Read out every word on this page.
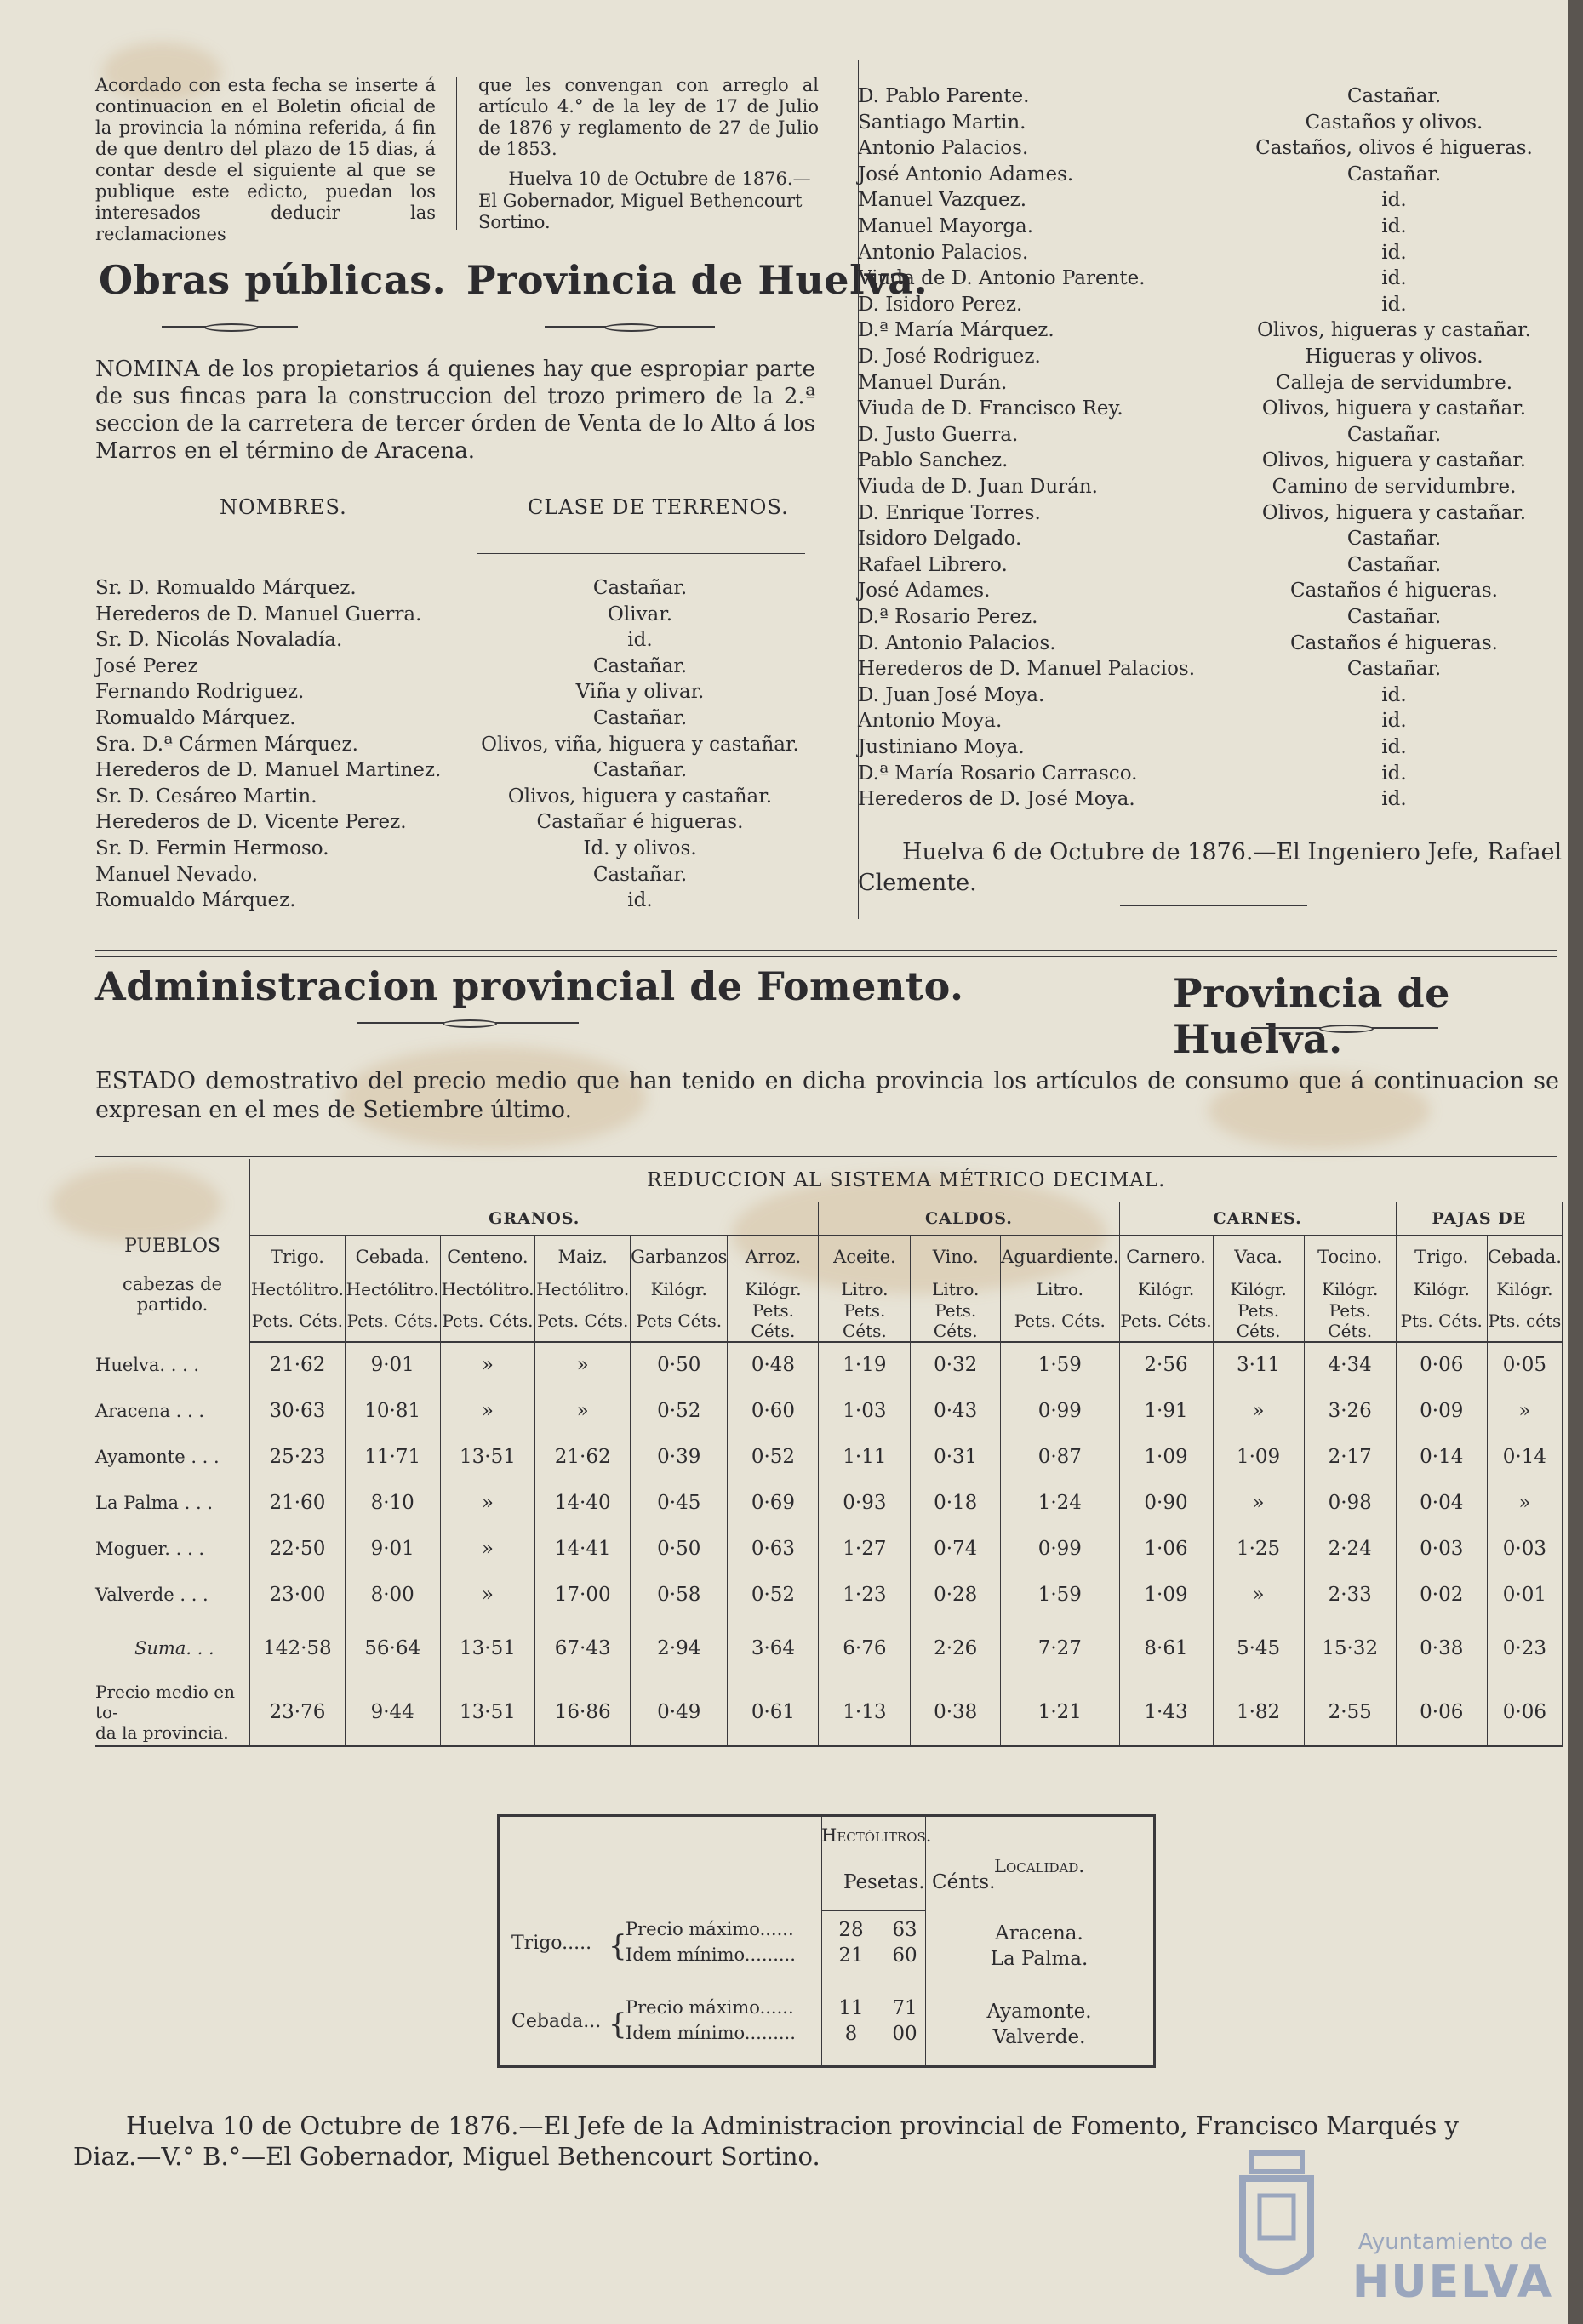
Acordado con esta fecha se inserte á continuacion en el Boletin oficial de la provincia la nómina referida, á fin de que dentro del plazo de 15 dias, á contar desde el siguiente al que se publique este edicto, puedan los interesados deducir las reclamaciones
que les convengan con arreglo al artículo 4.° de la ley de 17 de Julio de 1876 y reglamento de 27 de Julio de 1853.
Huelva 10 de Octubre de 1876.—
El Gobernador, Miguel Bethencourt Sortino.
Obras públicas. Provincia de Huelva.
NOMINA de los propietarios á quienes hay que espropiar parte de sus fincas para la construccion del trozo primero de la 2.ª seccion de la carretera de tercer órden de Venta de lo Alto á los Marros en el término de Aracena.
NOMBRES.	CLASE DE TERRENOS.
Sr. D. Romualdo Márquez.	Castañar.
Herederos de D. Manuel Guerra.	Olivar.
Sr. D. Nicolás Novaladía.	id.
José Perez	Castañar.
Fernando Rodriguez.	Viña y olivar.
Romualdo Márquez.	Castañar.
Sra. D.ª Cármen Márquez.	Olivos, viña, higuera y castañar.
Herederos de D. Manuel Martinez.	Castañar.
Sr. D. Cesáreo Martin.	Olivos, higuera y castañar.
Herederos de D. Vicente Perez.	Castañar é higueras.
Sr. D. Fermin Hermoso.	Id. y olivos.
Manuel Nevado.	Castañar.
Romualdo Márquez.	id.
D. Pablo Parente.	Castañar.
Santiago Martin.	Castaños y olivos.
Antonio Palacios.	Castaños, olivos é higueras.
José Antonio Adames.	Castañar.
Manuel Vazquez.	id.
Manuel Mayorga.	id.
Antonio Palacios.	id.
Viuda de D. Antonio Parente.	id.
D. Isidoro Perez.	id.
D.ª María Márquez.	Olivos, higueras y castañar.
D. José Rodriguez.	Higueras y olivos.
Manuel Durán.	Calleja de servidumbre.
Viuda de D. Francisco Rey.	Olivos, higuera y castañar.
D. Justo Guerra.	Castañar.
Pablo Sanchez.	Olivos, higuera y castañar.
Viuda de D. Juan Durán.	Camino de servidumbre.
D. Enrique Torres.	Olivos, higuera y castañar.
Isidoro Delgado.	Castañar.
Rafael Librero.	Castañar.
José Adames.	Castaños é higueras.
D.ª Rosario Perez.	Castañar.
D. Antonio Palacios.	Castaños é higueras.
Herederos de D. Manuel Palacios.	Castañar.
D. Juan José Moya.	id.
Antonio Moya.	id.
Justiniano Moya.	id.
D.ª María Rosario Carrasco.	id.
Herederos de D. José Moya.	id.
Huelva 6 de Octubre de 1876.—El Ingeniero Jefe, Rafael Clemente.
Administracion provincial de Fomento.	Provincia de Huelva.
ESTADO demostrativo del precio medio que han tenido en dicha provincia los artículos de consumo que á continuacion se expresan en el mes de Setiembre último.
	REDUCCION AL SISTEMA MÉTRICO DECIMAL.													

PUEBLOS
cabezas de partido.	GRANOS.						CALDOS.			CARNES.			PAJAS DE	
	Trigo.	Cebada.	Centeno.	Maiz.	Garbanzos	Arroz.	Aceite.	Vino.	Aguardiente.	Carnero.	Vaca.	Tocino.	Trigo.	Cebada.
	Hectólitro.	Hectólitro.	Hectólitro.	Hectólitro.	Kilógr.	Kilógr.	Litro.	Litro.	Litro.	Kilógr.	Kilógr.	Kilógr.	Kilógr.	Kilógr.
	Pets. Céts.	Pets. Céts.	Pets. Céts.	Pets. Céts.	Pets Céts.	Pets. Céts.	Pets. Céts.	Pets. Céts.	Pets. Céts.	Pets. Céts.	Pets. Céts.	Pets. Céts.	Pts. Céts.	Pts. céts
Huelva. . . .	21·62	9·01	»	»	0·50	0·48	1·19	0·32	1·59	2·56	3·11	4·34	0·06	0·05
Aracena . . .	30·63	10·81	»	»	0·52	0·60	1·03	0·43	0·99	1·91	»	3·26	0·09	»
Ayamonte . . .	25·23	11·71	13·51	21·62	0·39	0·52	1·11	0·31	0·87	1·09	1·09	2·17	0·14	0·14
La Palma . . .	21·60	8·10	»	14·40	0·45	0·69	0·93	0·18	1·24	0·90	»	0·98	0·04	»
Moguer. . . .	22·50	9·01	»	14·41	0·50	0·63	1·27	0·74	0·99	1·06	1·25	2·24	0·03	0·03
Valverde . . .	23·00	8·00	»	17·00	0·58	0·52	1·23	0·28	1·59	1·09	»	2·33	0·02	0·01
Suma. . .	142·58	56·64	13·51	67·43	2·94	3·64	6·76	2·26	7·27	8·61	5·45	15·32	0·38	0·23

Precio medio en to-
da la provincia.	23·76	9·44	13·51	16·86	0·49	0·61	1·13	0·38	1·21	1·43	1·82	2·55	0·06	0·06
Hectólitros.
Pesetas. Cénts.
Localidad.
Trigo..... {
Precio máximo......	28	63	Aracena.
Idem mínimo.........	21	60	La Palma.
Cebada... {
Precio máximo......	11	71	Ayamonte.
Idem mínimo.........	8	00	Valverde.
Huelva 10 de Octubre de 1876.—El Jefe de la Administracion provincial de Fomento, Francisco Marqués y Diaz.—V.° B.°—El Gobernador, Miguel Bethencourt Sortino.
Ayuntamiento de
HUELVA
